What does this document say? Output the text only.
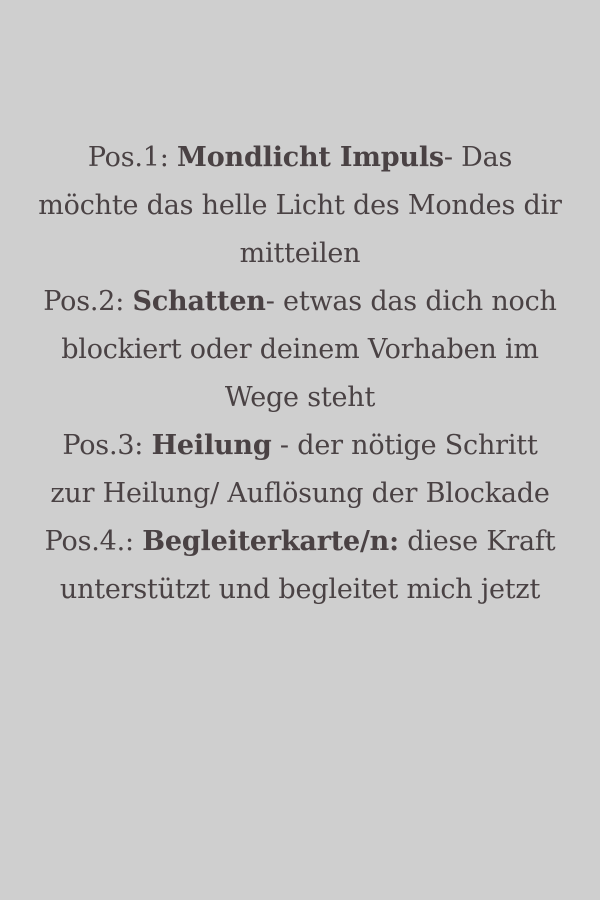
Pos.1: Mondlicht Impuls- Das möchte das helle Licht des Mondes dir mitteilen

Pos.2: Schatten- etwas das dich noch blockiert oder deinem Vorhaben im Wege steht

Pos.3: Heilung - der nötige Schritt zur Heilung/ Auflösung der Blockade

Pos.4.: Begleiterkarte/n: diese Kraft unterstützt und begleitet mich jetzt
